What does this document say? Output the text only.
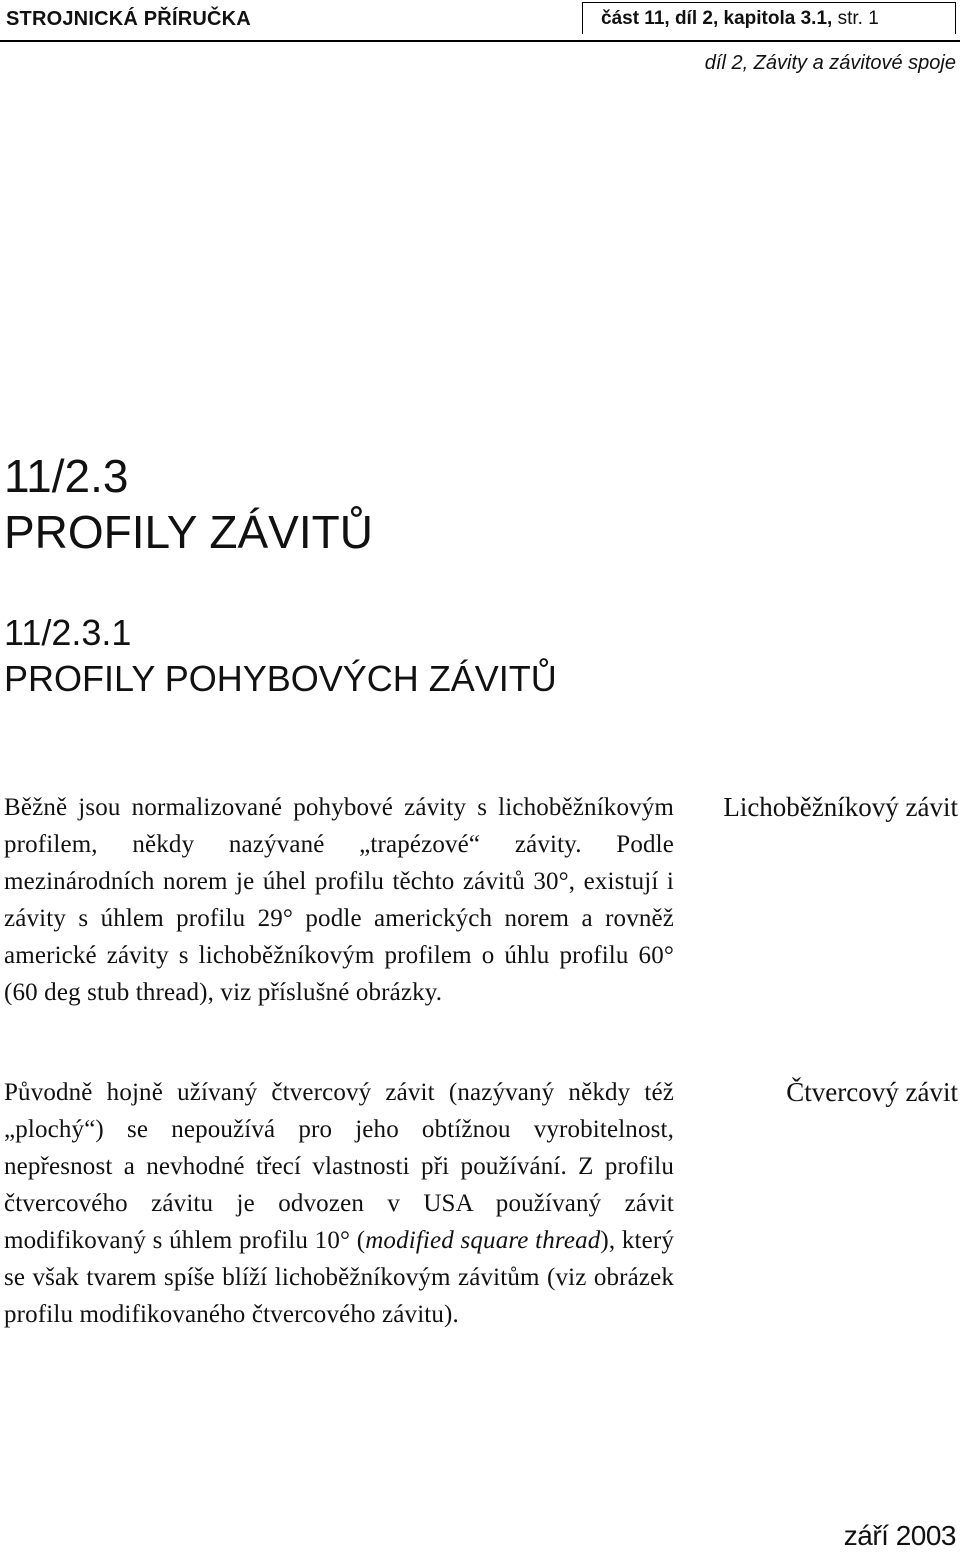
STROJNICKÁ PŘÍRUČKA	část 11, díl 2, kapitola 3.1, str. 1
díl 2, Závity a závitové spoje
11/2.3
PROFILY ZÁVITŮ
11/2.3.1
PROFILY POHYBOVÝCH ZÁVITŮ

Běžně jsou normalizované pohybové závity s lichoběžníkovým profilem, někdy nazývané „trapézové“ závity. Podle mezinárodních norem je úhel profilu těchto závitů 30°, existují i závity s úhlem profilu 29° podle amerických norem a rovněž americké závity s lichoběžníkovým profilem o úhlu profilu 60° (60 deg stub thread), viz příslušné obrázky.

Lichoběžníkový závit

Původně hojně užívaný čtvercový závit (nazývaný někdy též „plochý“) se nepoužívá pro jeho obtížnou vyrobitelnost, nepřesnost a nevhodné třecí vlastnosti při používání. Z profilu čtvercového závitu je odvozen v USA používaný závit modifikovaný s úhlem profilu 10° (modified square thread), který se však tvarem spíše blíží lichoběžníkovým závitům (viz obrázek profilu modifikovaného čtvercového závitu).

Čtvercový závit
září 2003
